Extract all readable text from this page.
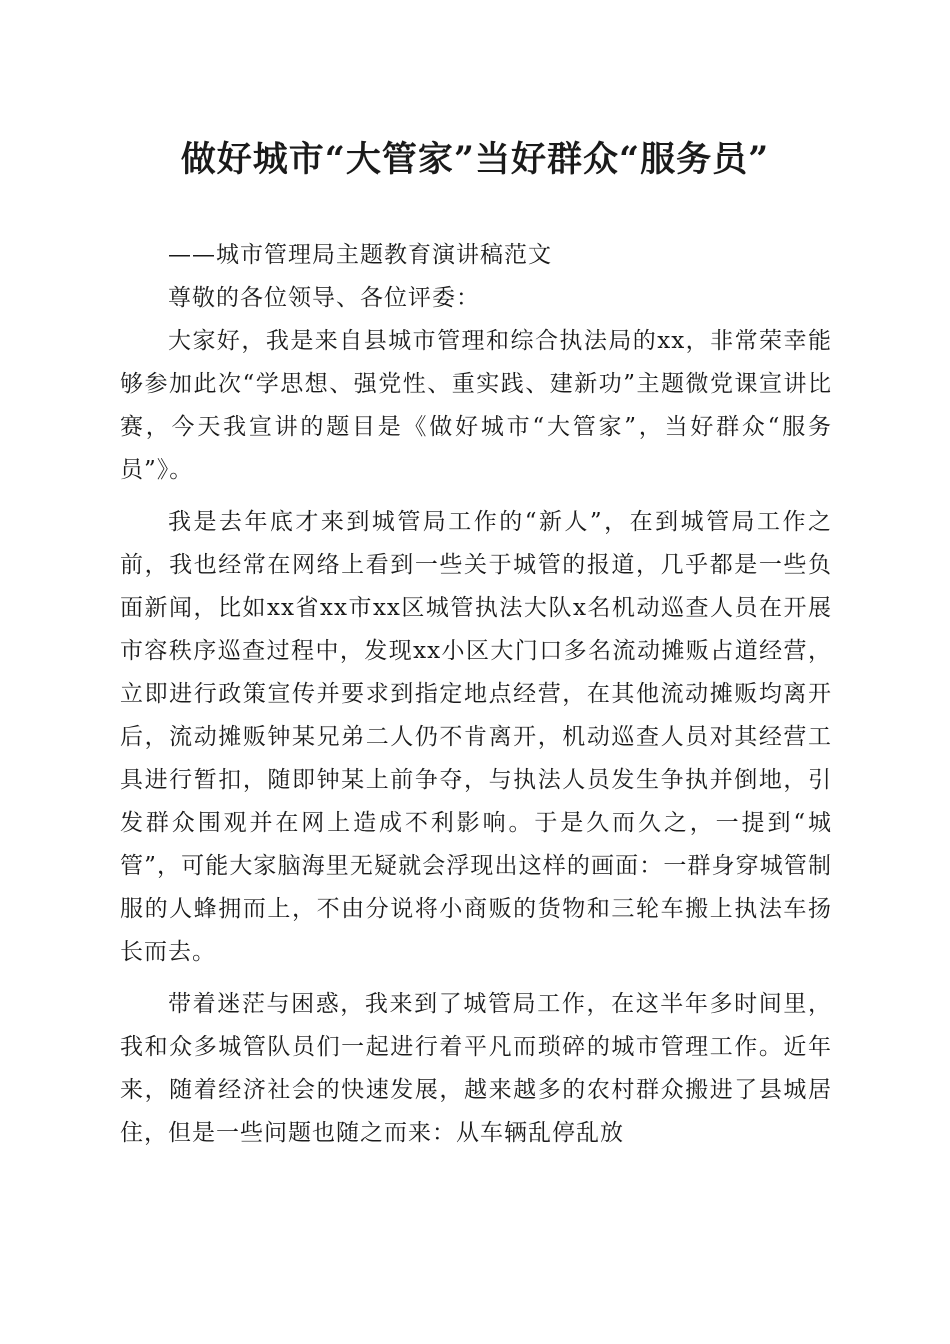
做好城市“大管家”当好群众“服务员”

——城市管理局主题教育演讲稿范文

尊敬的各位领导、各位评委：

大家好，我是来自县城市管理和综合执法局的xx，非常荣幸能够参加此次“学思想、强党性、重实践、建新功”主题微党课宣讲比赛，今天我宣讲的题目是《做好城市“大管家”，当好群众“服务员”》。

我是去年底才来到城管局工作的“新人”，在到城管局工作之前，我也经常在网络上看到一些关于城管的报道，几乎都是一些负面新闻，比如xx省xx市xx区城管执法大队x名机动巡查人员在开展市容秩序巡查过程中，发现xx小区大门口多名流动摊贩占道经营，立即进行政策宣传并要求到指定地点经营，在其他流动摊贩均离开后，流动摊贩钟某兄弟二人仍不肯离开，机动巡查人员对其经营工具进行暂扣，随即钟某上前争夺，与执法人员发生争执并倒地，引发群众围观并在网上造成不利影响。于是久而久之，一提到“城管”，可能大家脑海里无疑就会浮现出这样的画面：一群身穿城管制服的人蜂拥而上，不由分说将小商贩的货物和三轮车搬上执法车扬长而去。

带着迷茫与困惑，我来到了城管局工作，在这半年多时间里，我和众多城管队员们一起进行着平凡而琐碎的城市管理工作。近年来，随着经济社会的快速发展，越来越多的农村群众搬进了县城居住，但是一些问题也随之而来：从车辆乱停乱放
